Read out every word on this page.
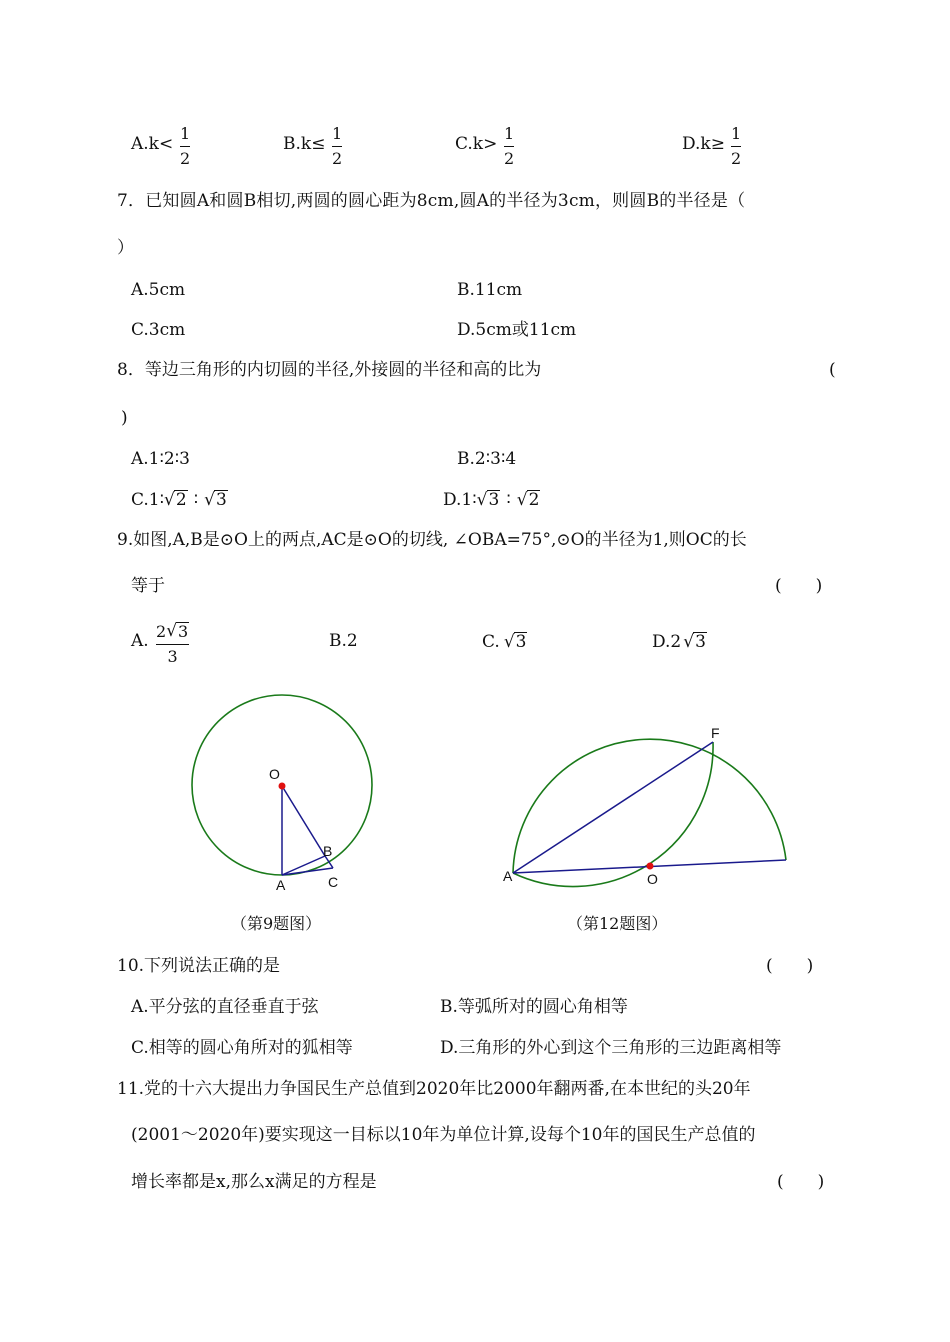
A.k<
1
2
B.k≤
1
2
C.k>
1
2
D.k≥
1
2
7．已知圆A和圆B相切,两圆的圆心距为8cm,圆A的半径为3cm，则圆B的半径是（
）
A.5cm	B.11cm
C.3cm	D.5cm或11cm
8．等边三角形的内切圆的半径,外接圆的半径和高的比为	(
)
A.1∶2∶3	B.2∶3∶4
C.1∶ √ 2 ∶ √ 3	D.1∶ √ 3 ∶ √ 2
9.如图,A,B是⊙O上的两点,AC是⊙O的切线, ∠OBA=75°,⊙O的半径为1,则OC的长
等于	(　　)
A. 2 √ 3
3
B.2	C. √ 3	D.2 √ 3
O
A
B
C
F
A	O
（第9题图）	（第12题图）
10.下列说法正确的是	(　　)
A.平分弦的直径垂直于弦	B.等弧所对的圆心角相等
C.相等的圆心角所对的狐相等	D.三角形的外心到这个三角形的三边距离相等
11.党的十六大提出力争国民生产总值到2020年比2000年翻两番,在本世纪的头20年
(2001～2020年)要实现这一目标以10年为单位计算,设每个10年的国民生产总值的
增长率都是x,那么x满足的方程是	(　　)
